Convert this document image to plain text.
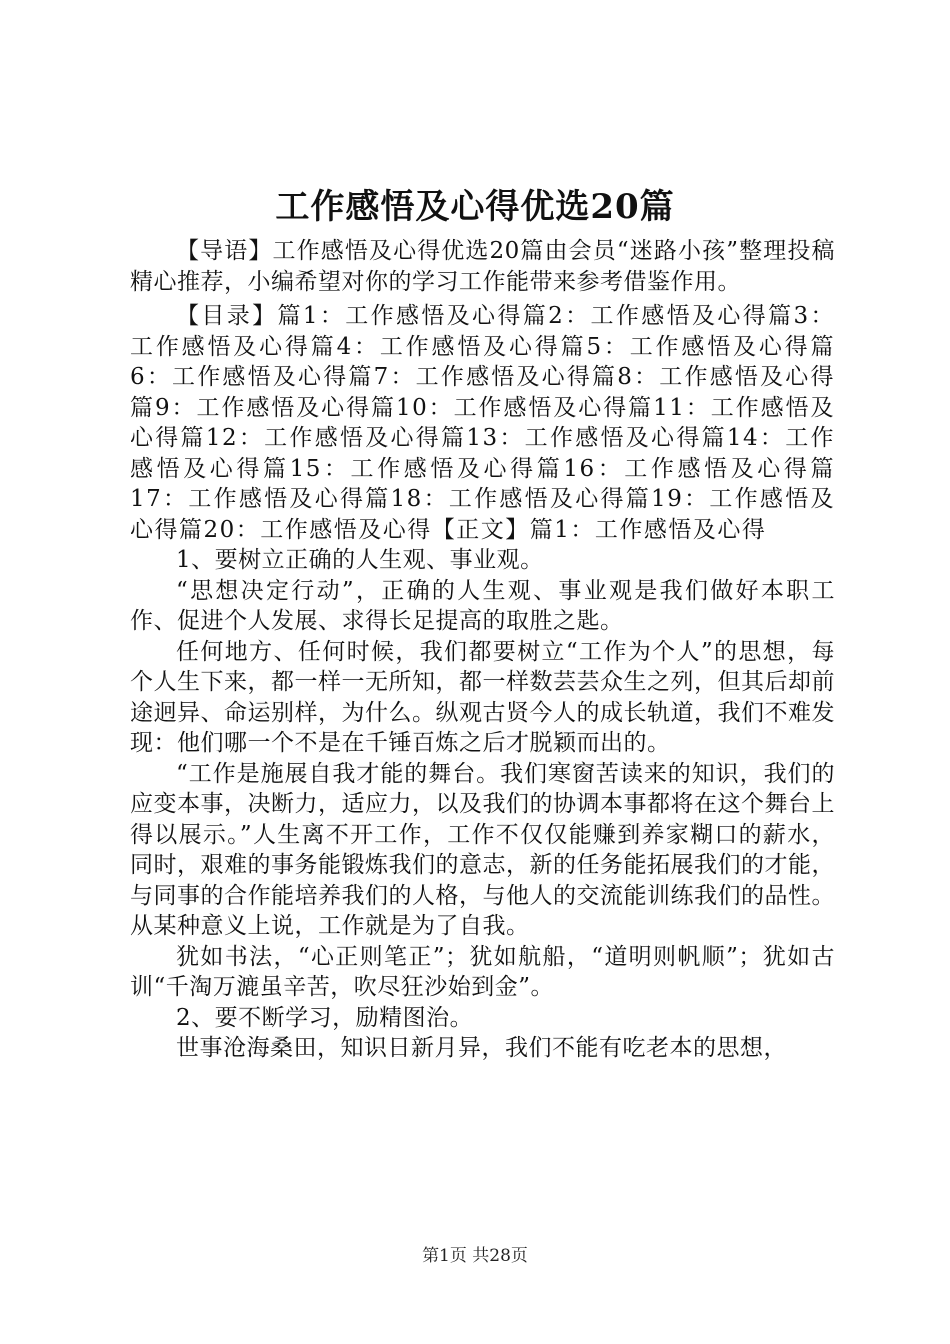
工作感悟及心得优选20篇

【导语】工作感悟及心得优选20篇由会员“迷路小孩”整理投稿精心推荐，小编希望对你的学习工作能带来参考借鉴作用。

【目录】篇1：工作感悟及心得篇2：工作感悟及心得篇3：工作感悟及心得篇4：工作感悟及心得篇5：工作感悟及心得篇6：工作感悟及心得篇7：工作感悟及心得篇8：工作感悟及心得篇9：工作感悟及心得篇10：工作感悟及心得篇11：工作感悟及心得篇12：工作感悟及心得篇13：工作感悟及心得篇14：工作感悟及心得篇15：工作感悟及心得篇16：工作感悟及心得篇17：工作感悟及心得篇18：工作感悟及心得篇19：工作感悟及心得篇20：工作感悟及心得【正文】篇1：工作感悟及心得

1、要树立正确的人生观、事业观。

“思想决定行动”，正确的人生观、事业观是我们做好本职工作、促进个人发展、求得长足提高的取胜之匙。

任何地方、任何时候，我们都要树立“工作为个人”的思想，每个人生下来，都一样一无所知，都一样数芸芸众生之列，但其后却前途迥异、命运别样，为什么。纵观古贤今人的成长轨道，我们不难发现：他们哪一个不是在千锤百炼之后才脱颖而出的。

“工作是施展自我才能的舞台。我们寒窗苦读来的知识，我们的应变本事，决断力，适应力，以及我们的协调本事都将在这个舞台上得以展示。”人生离不开工作，工作不仅仅能赚到养家糊口的薪水，同时，艰难的事务能锻炼我们的意志，新的任务能拓展我们的才能，与同事的合作能培养我们的人格，与他人的交流能训练我们的品性。从某种意义上说，工作就是为了自我。

犹如书法，“心正则笔正”；犹如航船，“道明则帆顺”；犹如古训“千淘万漉虽辛苦，吹尽狂沙始到金”。

2、要不断学习，励精图治。

世事沧海桑田，知识日新月异，我们不能有吃老本的思想，

第1页 共28页
